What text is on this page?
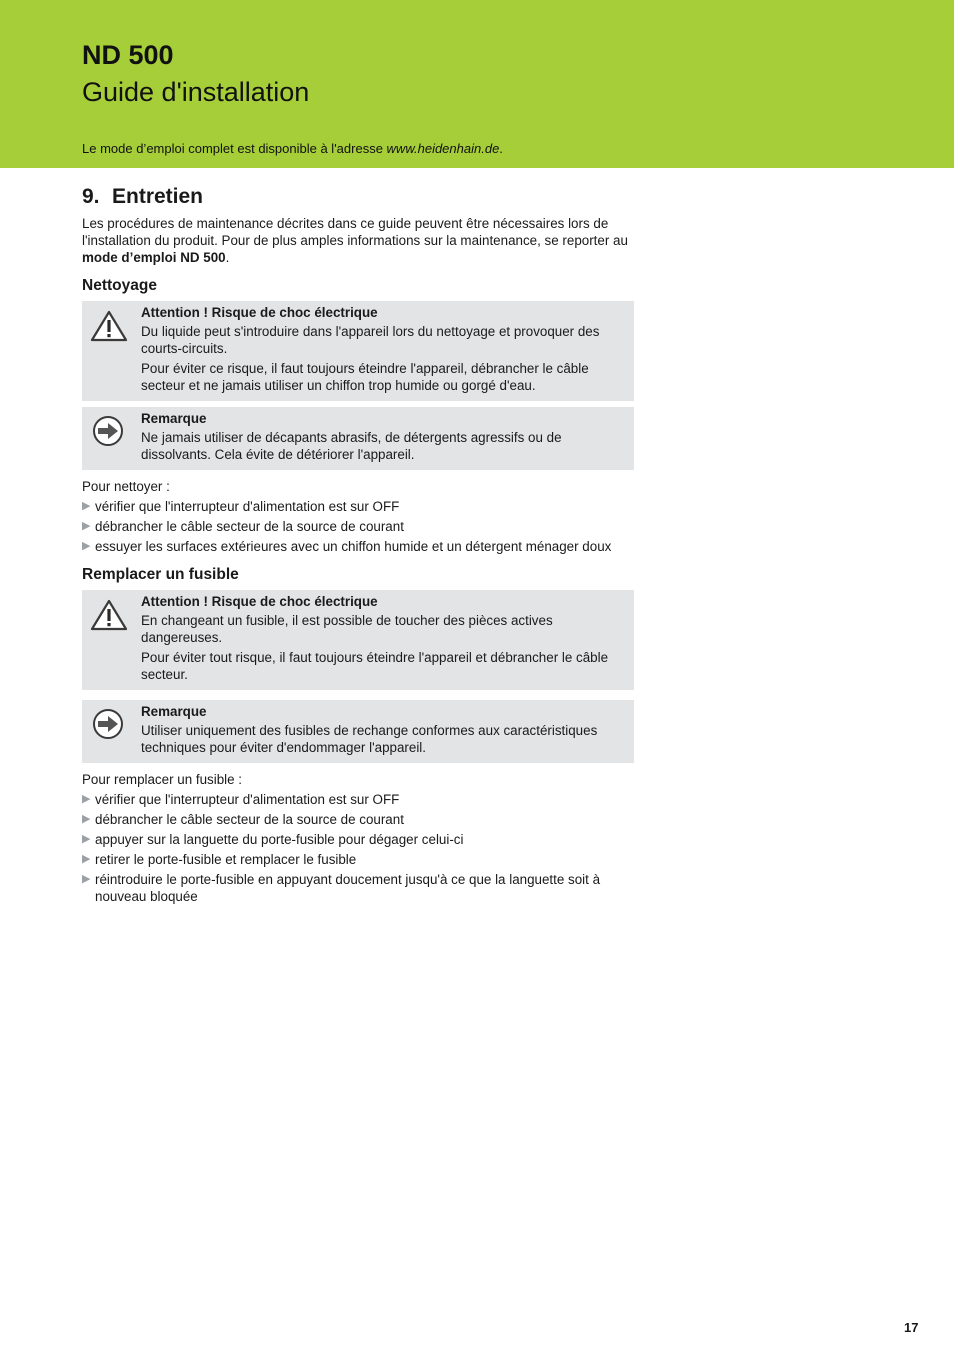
ND 500
Guide d'installation
Le mode d’emploi complet est disponible à l'adresse www.heidenhain.de.
9. Entretien

Les procédures de maintenance décrites dans ce guide peuvent être nécessaires lors de l'installation du produit. Pour de plus amples informations sur la maintenance, se reporter au mode d’emploi ND 500.

Nettoyage
Attention ! Risque de choc électrique
Du liquide peut s'introduire dans l'appareil lors du nettoyage et provoquer des courts-circuits.
Pour éviter ce risque, il faut toujours éteindre l'appareil, débrancher le câble secteur et ne jamais utiliser un chiffon trop humide ou gorgé d'eau.
Remarque
Ne jamais utiliser de décapants abrasifs, de détergents agressifs ou de dissolvants. Cela évite de détériorer l'appareil.

Pour nettoyer :

▶ vérifier que l'interrupteur d'alimentation est sur OFF
▶ débrancher le câble secteur de la source de courant
▶ essuyer les surfaces extérieures avec un chiffon humide et un détergent ménager doux
Remplacer un fusible
Attention ! Risque de choc électrique
En changeant un fusible, il est possible de toucher des pièces actives dangereuses.
Pour éviter tout risque, il faut toujours éteindre l'appareil et débrancher le câble secteur.
Remarque
Utiliser uniquement des fusibles de rechange conformes aux caractéristiques techniques pour éviter d'endommager l'appareil.

Pour remplacer un fusible :

▶ vérifier que l'interrupteur d'alimentation est sur OFF
▶ débrancher le câble secteur de la source de courant
▶ appuyer sur la languette du porte-fusible pour dégager celui-ci
▶ retirer le porte-fusible et remplacer le fusible
▶ réintroduire le porte-fusible en appuyant doucement jusqu'à ce que la languette soit à nouveau bloquée
17
